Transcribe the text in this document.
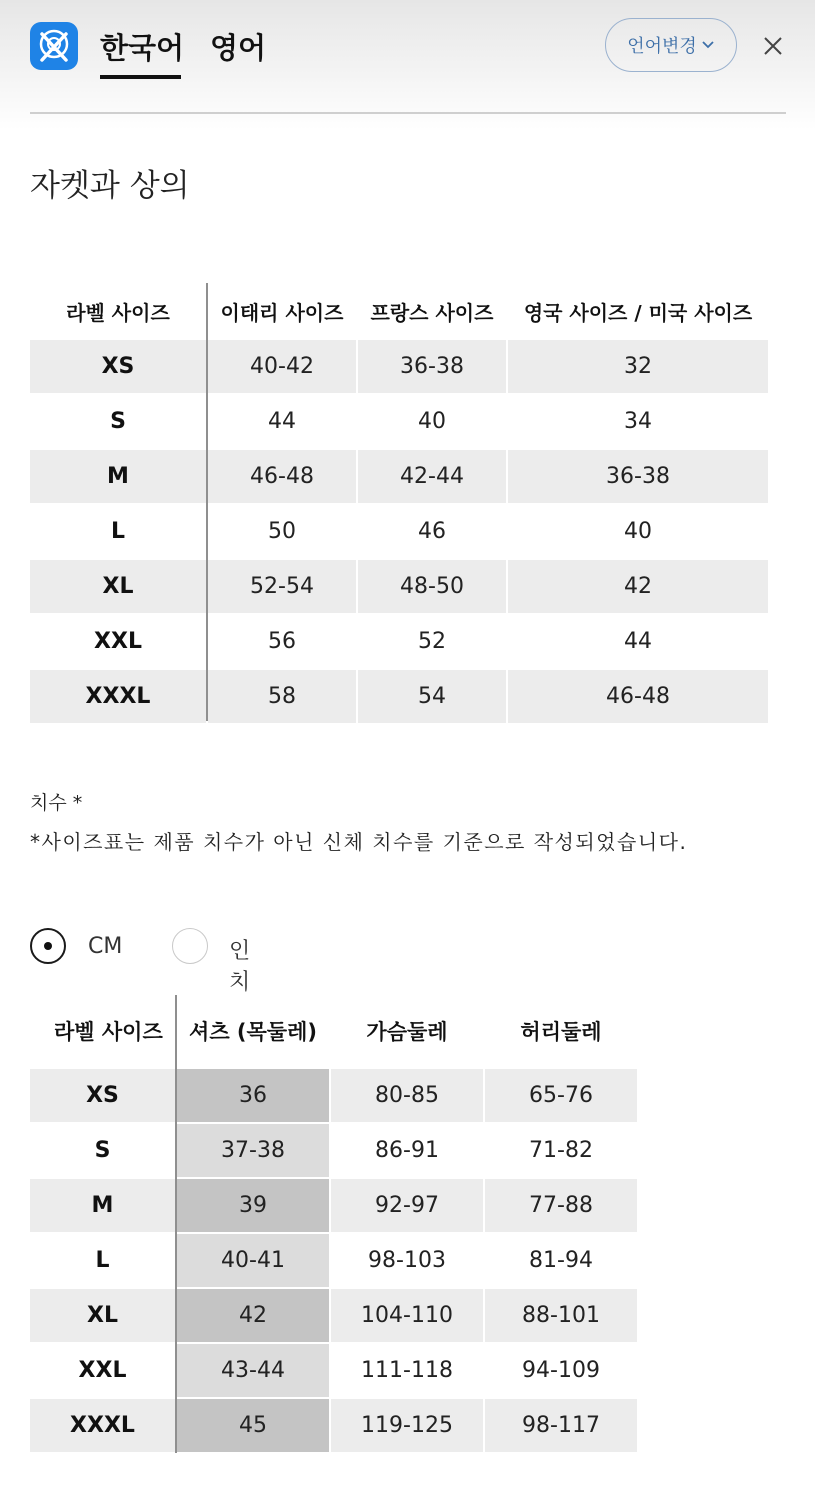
한국어 영어	언어변경
자켓과 상의
라벨 사이즈	이태리 사이즈	프랑스 사이즈	영국 사이즈 / 미국 사이즈
XS	40-42	36-38	32
S	44	40	34
M	46-48	42-44	36-38
L	50	46	40
XL	52-54	48-50	42
XXL	56	52	44
XXXL	58	54	46-48
치수 *
*사이즈표는 제품 치수가 아닌 신체 치수를 기준으로 작성되었습니다.
CM	인치
라벨 사이즈	셔츠 (목둘레)	가슴둘레	허리둘레
XS	36	80-85	65-76
S	37-38	86-91	71-82
M	39	92-97	77-88
L	40-41	98-103	81-94
XL	42	104-110	88-101
XXL	43-44	111-118	94-109
XXXL	45	119-125	98-117
